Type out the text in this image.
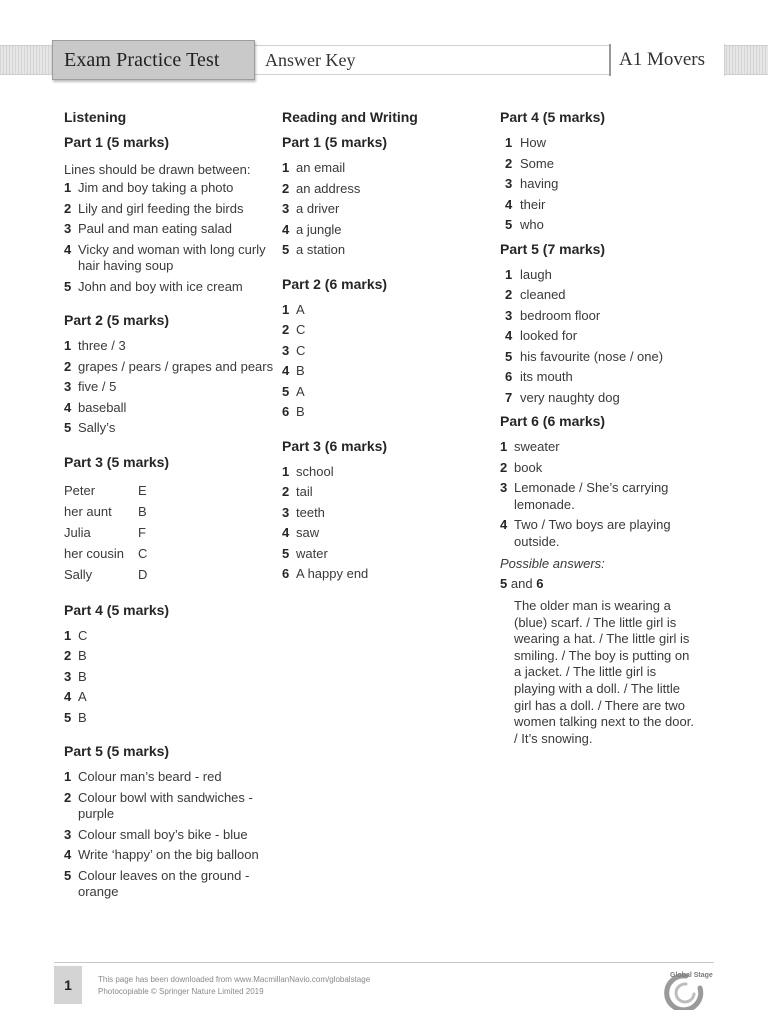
Answer Key	A1 Movers
Exam Practice Test
Listening
Part 1 (5 marks)
Lines should be drawn between:
1 Jim and boy taking a photo
2 Lily and girl feeding the birds
3 Paul and man eating salad
4 Vicky and woman with long curly hair having soup
5 John and boy with ice cream
Part 2 (5 marks)
1 three / 3
2 grapes / pears / grapes and pears
3 five / 5
4 baseball
5 Sally’s
Part 3 (5 marks)
Peter	E
her aunt	B
Julia	F
her cousin	C
Sally	D
Part 4 (5 marks)
1 C
2 B
3 B
4 A
5 B
Part 5 (5 marks)
1 Colour man’s beard - red
2 Colour bowl with sandwiches - purple
3 Colour small boy’s bike - blue
4 Write ‘happy’ on the big balloon
5 Colour leaves on the ground - orange
Reading and Writing
Part 1 (5 marks)
1 an email
2 an address
3 a driver
4 a jungle
5 a station
Part 2 (6 marks)
1 A
2 C
3 C
4 B
5 A
6 B
Part 3 (6 marks)
1 school
2 tail
3 teeth
4 saw
5 water
6 A happy end
Part 4 (5 marks)
1 How
2 Some
3 having
4 their
5 who
Part 5 (7 marks)
1 laugh
2 cleaned
3 bedroom floor
4 looked for
5 his favourite (nose / one)
6 its mouth
7 very naughty dog
Part 6 (6 marks)
1 sweater
2 book
3 Lemonade / She’s carrying lemonade.
4 Two / Two boys are playing outside.
Possible answers:
5 and 6
The older man is wearing a (blue) scarf. / The little girl is wearing a hat. / The little girl is smiling. / The boy is putting on a jacket. / The little girl is playing with a doll. / The little girl has a doll. / There are two women talking next to the door. / It’s snowing.
1	This page has been downloaded from www.MacmillanNavio.com/globalstage
Photocopiable © Springer Nature Limited 2019
Global Stage
